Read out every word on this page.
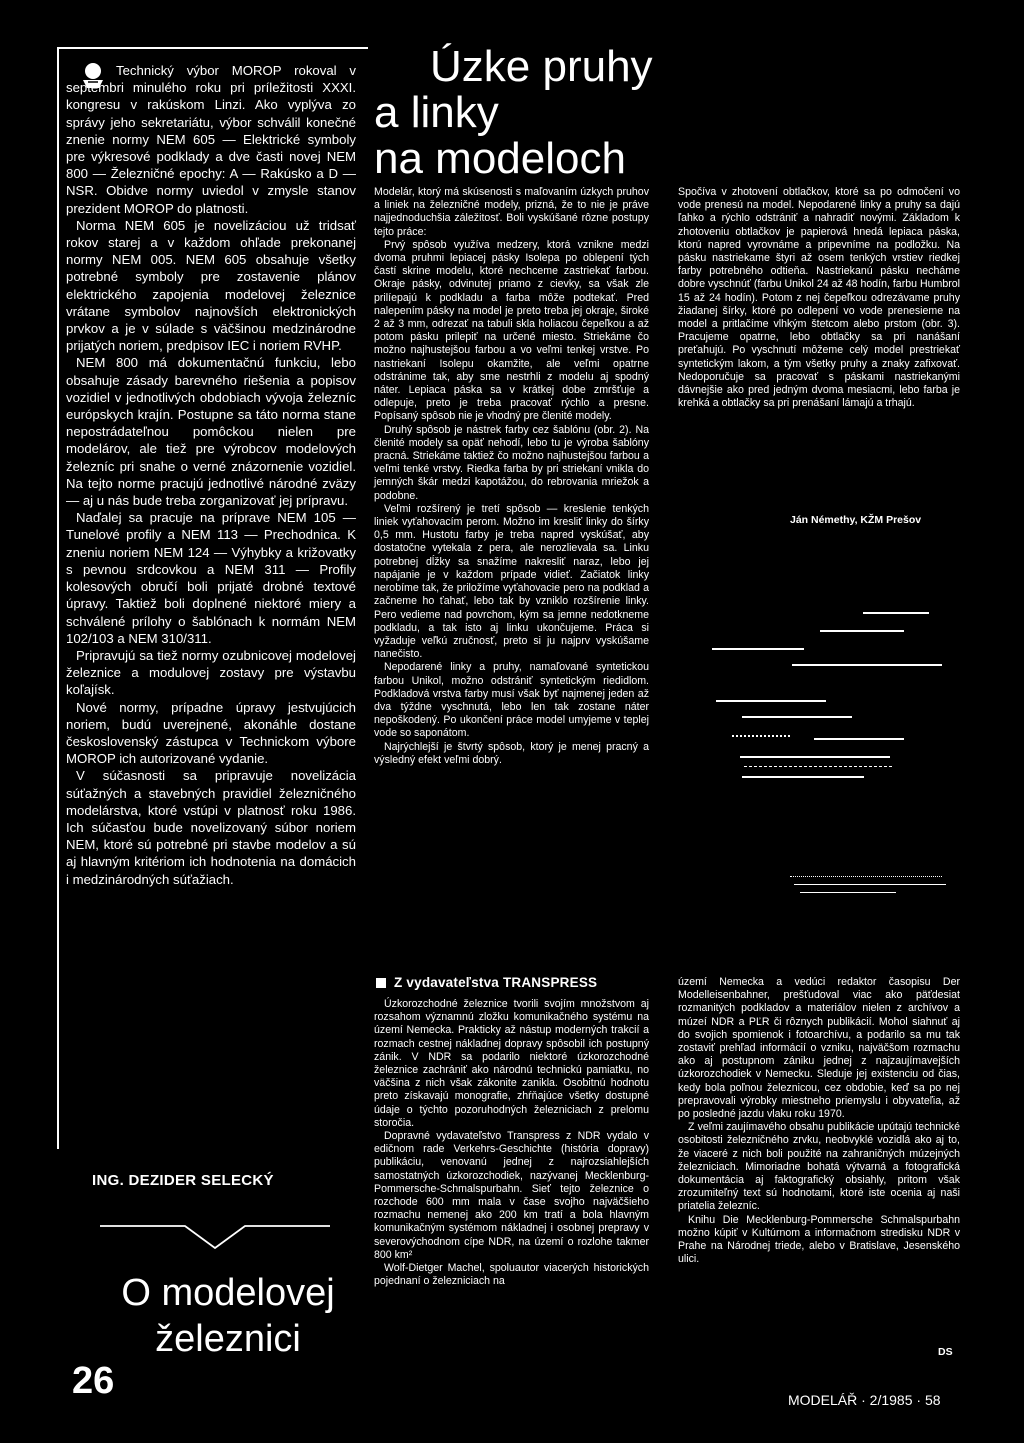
Technický výbor MOROP rokoval v septembri minulého roku pri príležitosti XXXI. kongresu v rakúskom Linzi. Ako vyplýva zo správy jeho sekretariátu, výbor schválil konečné znenie normy NEM 605 — Elektrické symboly pre výkresové podklady a dve časti novej NEM 800 — Železničné epochy: A — Rakúsko a D — NSR. Obidve normy uviedol v zmysle stanov prezident MOROP do platnosti.
Norma NEM 605 je novelizáciou už tridsať rokov starej a v každom ohľade prekonanej normy NEM 005. NEM 605 obsahuje všetky potrebné symboly pre zostavenie plánov elektrického zapojenia modelovej železnice vrátane symbolov najnovších elektronických prvkov a je v súlade s väčšinou medzinárodne prijatých noriem, predpisov IEC i noriem RVHP.
NEM 800 má dokumentačnú funkciu, lebo obsahuje zásady barevného riešenia a popisov vozidiel v jednotlivých obdobiach vývoja železníc európskych krajín. Postupne sa táto norma stane nepostrádateľnou pomôckou nielen pre modelárov, ale tiež pre výrobcov modelových železníc pri snahe o verné znázornenie vozidiel. Na tejto norme pracujú jednotlivé národné zväzy — aj u nás bude treba zorganizovať jej prípravu.
Naďalej sa pracuje na príprave NEM 105 — Tunelové profily a NEM 113 — Prechodnica. K zneniu noriem NEM 124 — Výhybky a križovatky s pevnou srdcovkou a NEM 311 — Profily kolesových obručí boli prijaté drobné textové úpravy. Taktiež boli doplnené niektoré miery a schválené prílohy o šablónach k normám NEM 102/103 a NEM 310/311.
Pripravujú sa tiež normy ozubnicovej modelovej železnice a modulovej zostavy pre výstavbu koľajísk.
Nové normy, prípadne úpravy jestvujúcich noriem, budú uverejnené, akonáhle dostane československý zástupca v Technickom výbore MOROP ich autorizované vydanie.
V súčasnosti sa pripravuje novelizácia súťažných a stavebných pravidiel železničného modelárstva, ktoré vstúpi v platnosť roku 1986. Ich súčasťou bude novelizovaný súbor noriem NEM, ktoré sú potrebné pri stavbe modelov a sú aj hlavným kritériom ich hodnotenia na domácich i medzinárodných súťažiach.
ING. DEZIDER SELECKÝ
O modelovej
železnici
Úzke pruhy
a linky
na modeloch
Modelár, ktorý má skúsenosti s maľovaním úzkych pruhov a liniek na železničné modely, prizná, že to nie je práve najjednoduchšia záležitosť. Boli vyskúšané rôzne postupy tejto práce:
Prvý spôsob využíva medzery, ktorá vznikne medzi dvoma pruhmi lepiacej pásky Isolepa po oblepení tých častí skrine modelu, ktoré nechceme zastriekať farbou. Okraje pásky, odvinutej priamo z cievky, sa však zle prilíepajú k podkladu a farba môže podtekať. Pred nalepením pásky na model je preto treba jej okraje, široké 2 až 3 mm, odrezať na tabuli skla holiacou čepeľkou a až potom pásku prilepiť na určené miesto. Striekáme čo možno najhustejšou farbou a vo veľmi tenkej vrstve. Po nastriekaní Isolepu okamžite, ale veľmi opatrne odstránime tak, aby sme nestrhli z modelu aj spodný náter. Lepiaca páska sa v krátkej dobe zmršťuje a odlepuje, preto je treba pracovať rýchlo a presne. Popísaný spôsob nie je vhodný pre členité modely.
Druhý spôsob je nástrek farby cez šablónu (obr. 2). Na členité modely sa opäť nehodí, lebo tu je výroba šablóny pracná. Striekáme taktiež čo možno najhustejšou farbou a veľmi tenké vrstvy. Riedka farba by pri striekaní vnikla do jemných škár medzi kapotážou, do rebrovania mriežok a podobne.
Veľmi rozšírený je tretí spôsob — kreslenie tenkých liniek vyťahovacím perom. Možno im kresliť linky do šírky 0,5 mm. Hustotu farby je treba napred vyskúšať, aby dostatočne vytekala z pera, ale nerozlievala sa. Linku potrebnej dĺžky sa snažíme nakresliť naraz, lebo jej napájanie je v každom prípade vidieť. Začiatok linky nerobíme tak, že priložíme vyťahovacie pero na podklad a začneme ho ťahať, lebo tak by vzniklo rozšírenie linky. Pero vedieme nad povrchom, kým sa jemne nedotkneme podkladu, a tak isto aj linku ukončujeme. Práca si vyžaduje veľkú zručnosť, preto si ju najprv vyskúšame nanečisto.
Nepodarené linky a pruhy, namaľované syntetickou farbou Unikol, možno odstrániť syntetickým riedidlom. Podkladová vrstva farby musí však byť najmenej jeden až dva týždne vyschnutá, lebo len tak zostane náter nepoškodený. Po ukončení práce model umyjeme v teplej vode so saponátom.
Najrýchlejší je štvrtý spôsob, ktorý je menej pracný a výsledný efekt veľmi dobrý.
Spočíva v zhotovení obtlačkov, ktoré sa po odmočení vo vode prenesú na model. Nepodarené linky a pruhy sa dajú ľahko a rýchlo odstrániť a nahradiť novými. Základom k zhotoveniu obtlačkov je papierová hnedá lepiaca páska, ktorú napred vyrovnáme a pripevníme na podložku. Na pásku nastriekame štyri až osem tenkých vrstiev riedkej farby potrebného odtieňa. Nastriekanú pásku necháme dobre vyschnúť (farbu Unikol 24 až 48 hodín, farbu Humbrol 15 až 24 hodín). Potom z nej čepeľkou odrezávame pruhy žiadanej šírky, ktoré po odlepení vo vode prenesieme na model a pritlačíme vlhkým štetcom alebo prstom (obr. 3). Pracujeme opatrne, lebo obtlačky sa pri nanášaní preťahujú. Po vyschnutí môžeme celý model prestriekať syntetickým lakom, a tým všetky pruhy a znaky zafixovať. Nedoporučuje sa pracovať s páskami nastriekanými dávnejšie ako pred jedným dvoma mesiacmi, lebo farba je krehká a obtlačky sa pri prenášaní lámajú a trhajú.
Ján Némethy, KŽM Prešov
Z vydavateľstva TRANSPRESS
Úzkorozchodné železnice tvorili svojím množstvom aj rozsahom významnú zložku komunikačného systému na území Nemecka. Prakticky až nástup moderných trakcií a rozmach cestnej nákladnej dopravy spôsobil ich postupný zánik. V NDR sa podarilo niektoré úzkorozchodné železnice zachrániť ako národnú technickú pamiatku, no väčšina z nich však zákonite zanikla. Osobitnú hodnotu preto získavajú monografie, zhŕňajúce všetky dostupné údaje o týchto pozoruhodných železniciach z prelomu storočia.
Dopravné vydavateľstvo Transpress z NDR vydalo v edičnom rade Verkehrs-Geschichte (história dopravy) publikáciu, venovanú jednej z najrozsiahlejších samostatných úzkorozchodiek, nazývanej Mecklenburg-Pommersche-Schmalspurbahn. Sieť tejto železnice o rozchode 600 mm mala v čase svojho najväčšieho rozmachu nemenej ako 200 km tratí a bola hlavným komunikačným systémom nákladnej i osobnej prepravy v severovýchodnom cípe NDR, na území o rozlohe takmer 800 km²
Wolf-Dietger Machel, spoluautor viacerých historických pojednaní o železniciach na
území Nemecka a vedúci redaktor časopisu Der Modelleisenbahner, prešťudoval viac ako päťdesiat rozmanitých podkladov a materiálov nielen z archívov a múzeí NDR a PĽR či rôznych publikácií. Mohol siahnuť aj do svojich spomienok i fotoarchívu, a podarilo sa mu tak zostaviť prehľad informácií o vzniku, najväčšom rozmachu ako aj postupnom zániku jednej z najzaujímavejších úzkorozchodiek v Nemecku. Sleduje jej existenciu od čias, kedy bola poľnou železnicou, cez obdobie, keď sa po nej prepravovali výrobky miestneho priemyslu i obyvateľia, až po posledné jazdu vlaku roku 1970.
Z veľmi zaujímavého obsahu publikácie upútajú technické osobitosti železničného zrvku, neobvyklé vozidlá ako aj to, že viaceré z nich boli použité na zahraničných múzejných železniciach. Mimoriadne bohatá výtvarná a fotografická dokumentácia aj faktografický obsiahly, pritom však zrozumiteľný text sú hodnotami, ktoré iste ocenia aj naši priatelia železníc.
Knihu Die Mecklenburg-Pommersche Schmalspurbahn možno kúpiť v Kultúrnom a informačnom stredisku NDR v Prahe na Národnej triede, alebo v Bratislave, Jesenského ulici.
DS
26	MODELÁŘ · 2/1985 · 58
